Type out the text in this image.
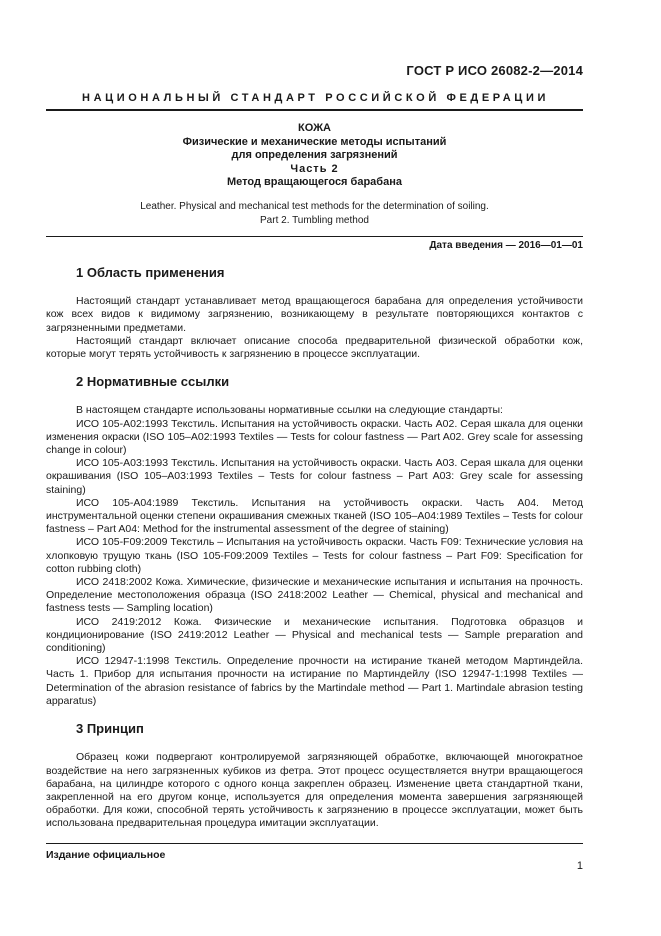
ГОСТ Р ИСО 26082-2—2014
НАЦИОНАЛЬНЫЙ СТАНДАРТ РОССИЙСКОЙ ФЕДЕРАЦИИ
КОЖА
Физические и механические методы испытаний
для определения загрязнений
Часть 2
Метод вращающегося барабана
Leather. Physical and mechanical test methods for the determination of soiling.
Part 2. Tumbling method
Дата введения — 2016—01—01
1 Область применения

Настоящий стандарт устанавливает метод вращающегося барабана для определения устойчивости кож всех видов к видимому загрязнению, возникающему в результате повторяющихся контактов с загрязненными предметами.

Настоящий стандарт включает описание способа предварительной физической обработки кож, которые могут терять устойчивость к загрязнению в процессе эксплуатации.

2 Нормативные ссылки

В настоящем стандарте использованы нормативные ссылки на следующие стандарты:

ИСО 105-A02:1993 Текстиль. Испытания на устойчивость окраски. Часть A02. Серая шкала для оценки изменения окраски (ISO 105–A02:1993 Textiles — Tests for colour fastness — Part A02. Grey scale for assessing change in colour)

ИСО 105-A03:1993 Текстиль. Испытания на устойчивость окраски. Часть A03. Серая шкала для оценки окрашивания (ISO 105–A03:1993 Textiles – Tests for colour fastness – Part A03: Grey scale for assessing staining)

ИСО 105-A04:1989 Текстиль. Испытания на устойчивость окраски. Часть A04. Метод инструментальной оценки степени окрашивания смежных тканей (ISO 105–A04:1989 Textiles – Tests for colour fastness – Part A04: Method for the instrumental assessment of the degree of staining)

ИСО 105-F09:2009 Текстиль – Испытания на устойчивость окраски. Часть F09: Технические условия на хлопковую трущую ткань (ISO 105-F09:2009 Textiles – Tests for colour fastness – Part F09: Specification for cotton rubbing cloth)

ИСО 2418:2002 Кожа. Химические, физические и механические испытания и испытания на прочность. Определение местоположения образца (ISO 2418:2002 Leather — Chemical, physical and mechanical and fastness tests — Sampling location)

ИСО 2419:2012 Кожа. Физические и механические испытания. Подготовка образцов и кондиционирование (ISO 2419:2012 Leather — Physical and mechanical tests — Sample preparation and conditioning)

ИСО 12947-1:1998 Текстиль. Определение прочности на истирание тканей методом Мартиндейла. Часть 1. Прибор для испытания прочности на истирание по Мартиндейлу (ISO 12947-1:1998 Textiles — Determination of the abrasion resistance of fabrics by the Martindale method — Part 1. Martindale abrasion testing apparatus)

3 Принцип

Образец кожи подвергают контролируемой загрязняющей обработке, включающей многократное воздействие на него загрязненных кубиков из фетра. Этот процесс осуществляется внутри вращающегося барабана, на цилиндре которого с одного конца закреплен образец. Изменение цвета стандартной ткани, закрепленной на его другом конце, используется для определения момента завершения загрязняющей обработки. Для кожи, способной терять устойчивость к загрязнению в процессе эксплуатации, может быть использована предварительная процедура имитации эксплуатации.

Издание официальное
1
